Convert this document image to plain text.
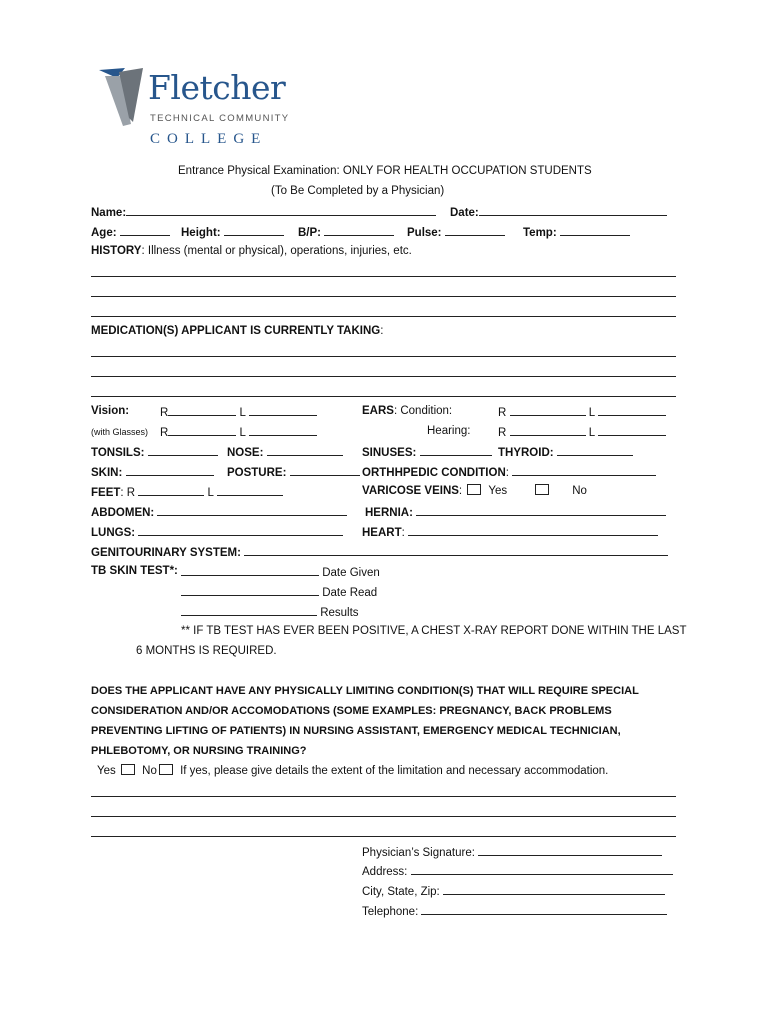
Fletcher
TECHNICAL COMMUNITY
COLLEGE
Entrance Physical Examination: ONLY FOR HEALTH OCCUPATION STUDENTS
(To Be Completed by a Physician)
Name:	Date:
Age:	Height:	B/P:	Pulse:	Temp:
HISTORY: Illness (mental or physical), operations, injuries, etc.
MEDICATION(S) APPLICANT IS CURRENTLY TAKING:
Vision:	R	L	EARS: Condition:	R	L
(with Glasses) R	L	Hearing: R	L
TONSILS:	NOSE:	SINUSES:	THYROID:
SKIN:	POSTURE:	ORTHHPEDIC CONDITION:
FEET: R	L	VARICOSE VEINS: Yes	No
ABDOMEN:	HERNIA:
LUNGS:	HEART:
GENITOURINARY SYSTEM:
TB SKIN TEST*:	Date Given
Date Read
Results
** IF TB TEST HAS EVER BEEN POSITIVE, A CHEST X-RAY REPORT DONE WITHIN THE LAST
6 MONTHS IS REQUIRED.
DOES THE APPLICANT HAVE ANY PHYSICALLY LIMITING CONDITION(S) THAT WILL REQUIRE SPECIAL
CONSIDERATION AND/OR ACCOMODATIONS (SOME EXAMPLES: PREGNANCY, BACK PROBLEMS
PREVENTING LIFTING OF PATIENTS) IN NURSING ASSISTANT, EMERGENCY MEDICAL TECHNICIAN,
PHLEBOTOMY, OR NURSING TRAINING?
Yes No If yes, please give details the extent of the limitation and necessary accommodation.
Physician’s Signature:
Address:
City, State, Zip:
Telephone:
